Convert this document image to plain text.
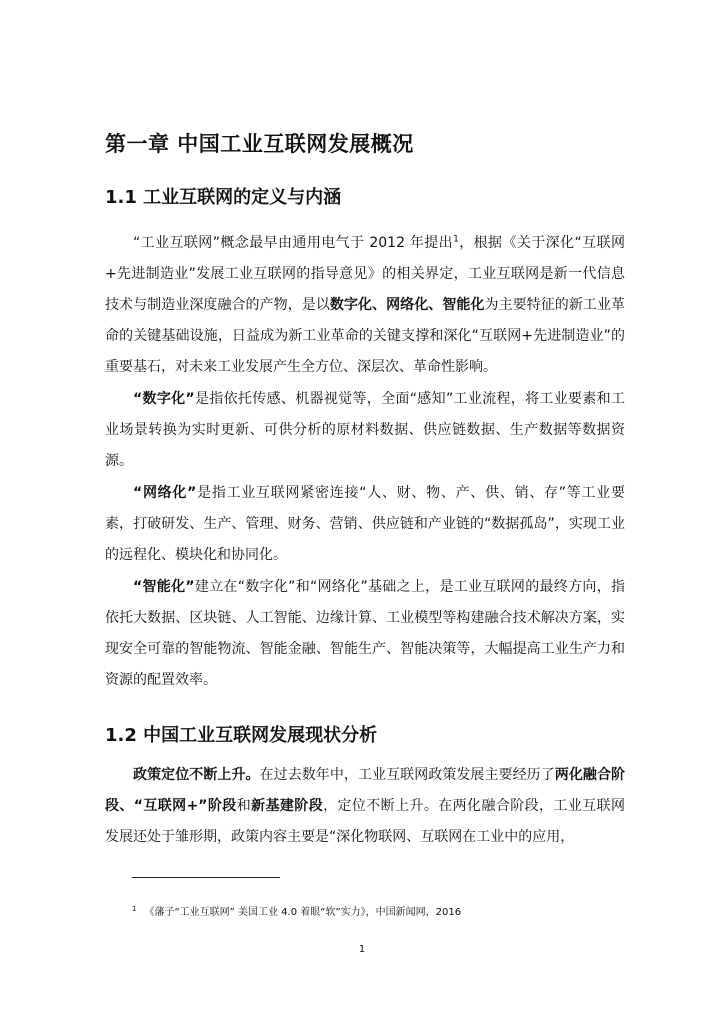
第一章 中国工业互联网发展概况
1.1 工业互联网的定义与内涵

“工业互联网”概念最早由通用电气于 2012 年提出$^1$，根据《关于深化“互联网+先进制造业”发展工业互联网的指导意见》的相关界定，工业互联网是新一代信息技术与制造业深度融合的产物，是以数字化、网络化、智能化为主要特征的新工业革命的关键基础设施，日益成为新工业革命的关键支撑和深化“互联网+先进制造业”的重要基石，对未来工业发展产生全方位、深层次、革命性影响。

“数字化”是指依托传感、机器视觉等，全面“感知”工业流程，将工业要素和工业场景转换为实时更新、可供分析的原材料数据、供应链数据、生产数据等数据资源。

“网络化”是指工业互联网紧密连接“人、财、物、产、供、销、存”等工业要素，打破研发、生产、管理、财务、营销、供应链和产业链的“数据孤岛”，实现工业的远程化、模块化和协同化。

“智能化”建立在“数字化”和“网络化”基础之上，是工业互联网的最终方向，指依托大数据、区块链、人工智能、边缘计算、工业模型等构建融合技术解决方案，实现安全可靠的智能物流、智能金融、智能生产、智能决策等，大幅提高工业生产力和资源的配置效率。

1.2 中国工业互联网发展现状分析

政策定位不断上升。在过去数年中，工业互联网政策发展主要经历了两化融合阶段、“互联网+”阶段和新基建阶段，定位不断上升。在两化融合阶段，工业互联网发展还处于雏形期，政策内容主要是“深化物联网、互联网在工业中的应用，

$^1$ 《藩子“工业互联网” 美国工业 4.0 着眼“软”实力》，中国新闻网，2016
1
